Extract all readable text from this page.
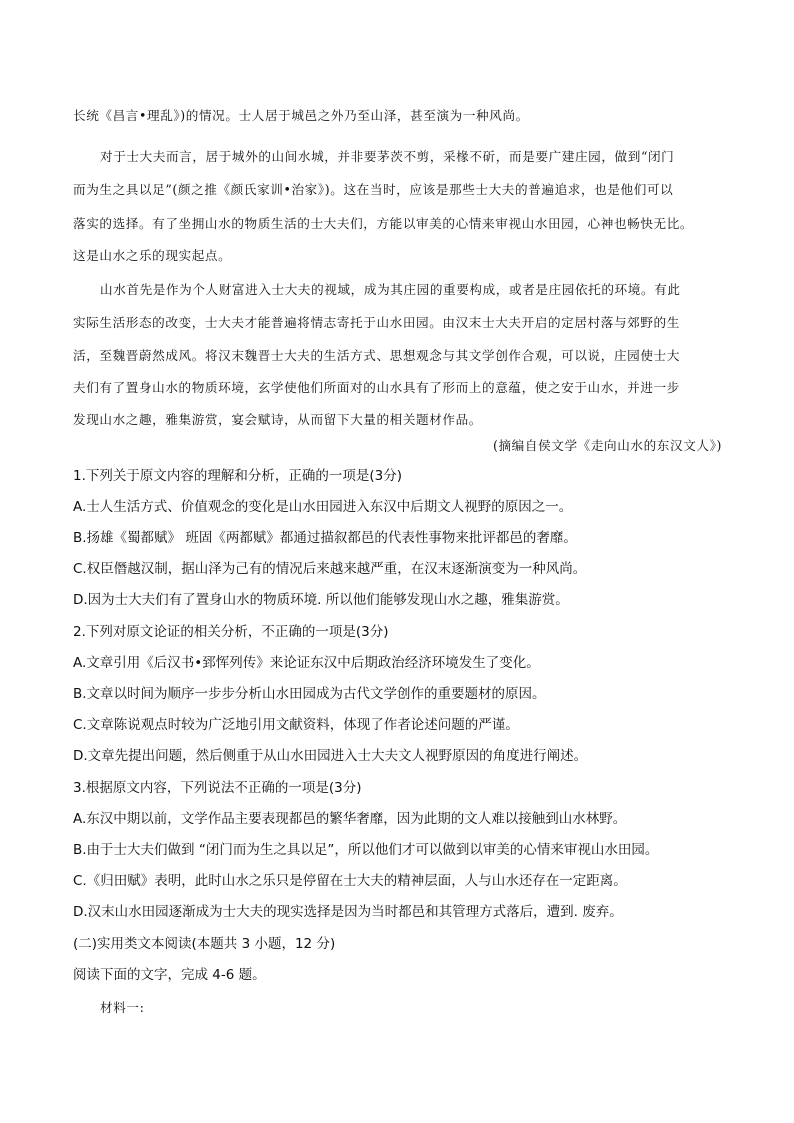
长统《昌言•理乱》)的情况。士人居于城邑之外乃至山泽，甚至演为一种风尚。
对于士大夫而言，居于城外的山间水城，并非要茅茨不剪，采椽不斫，而是要广建庄园，做到“闭门
而为生之具以足”(颜之推《颜氏家训•治家》)。这在当时，应该是那些士大夫的普遍追求，也是他们可以
落实的选择。有了坐拥山水的物质生活的士大夫们，方能以审美的心情来审视山水田园，心神也畅快无比。
这是山水之乐的现实起点。
山水首先是作为个人财富进入士大夫的视域，成为其庄园的重要构成，或者是庄园依托的环境。有此
实际生活形态的改变，士大夫才能普遍将情志寄托于山水田园。由汉末士大夫开启的定居村落与郊野的生
活，至魏晋蔚然成风。将汉末魏晋士大夫的生活方式、思想观念与其文学创作合观，可以说，庄园使士大
夫们有了置身山水的物质环境，玄学使他们所面对的山水具有了形而上的意蕴，使之安于山水，并进一步
发现山水之趣，雅集游赏，宴会赋诗，从而留下大量的相关题材作品。
(摘编自侯文学《走向山水的东汉文人》)
1.下列关于原文内容的理解和分析，正确的一项是(3分)
A.士人生活方式、价值观念的变化是山水田园进入东汉中后期文人视野的原因之一。
B.扬雄《蜀都赋》 班固《两都赋》都通过描叙都邑的代表性事物来批评都邑的奢靡。
C.权臣僭越汉制，据山泽为己有的情况后来越来越严重，在汉末逐渐演变为一种风尚。
D.因为士大夫们有了置身山水的物质环境. 所以他们能够发现山水之趣，雅集游赏。
2.下列对原文论证的相关分析，不正确的一项是(3分)
A.文章引用《后汉书•郅恽列传》来论证东汉中后期政治经济环境发生了变化。
B.文章以时间为顺序一步步分析山水田园成为古代文学创作的重要题材的原因。
C.文章陈说观点时较为广泛地引用文献资料，体现了作者论述问题的严谨。
D.文章先提出问题，然后侧重于从山水田园进入士大夫文人视野原因的角度进行阐述。
3.根据原文内容，下列说法不正确的一项是(3分)
A.东汉中期以前，文学作品主要表现都邑的繁华奢靡，因为此期的文人难以接触到山水林野。
B.由于士大夫们做到 “闭门而为生之具以足”，所以他们才可以做到以审美的心情来审视山水田园。
C.《归田赋》表明，此时山水之乐只是停留在士大夫的精神层面，人与山水还存在一定距离。
D.汉末山水田园逐渐成为士大夫的现实选择是因为当时都邑和其管理方式落后，遭到. 废弃。
(二)实用类文本阅读(本题共 3 小题，12 分)
阅读下面的文字，完成 4-6 题。
材料一:
